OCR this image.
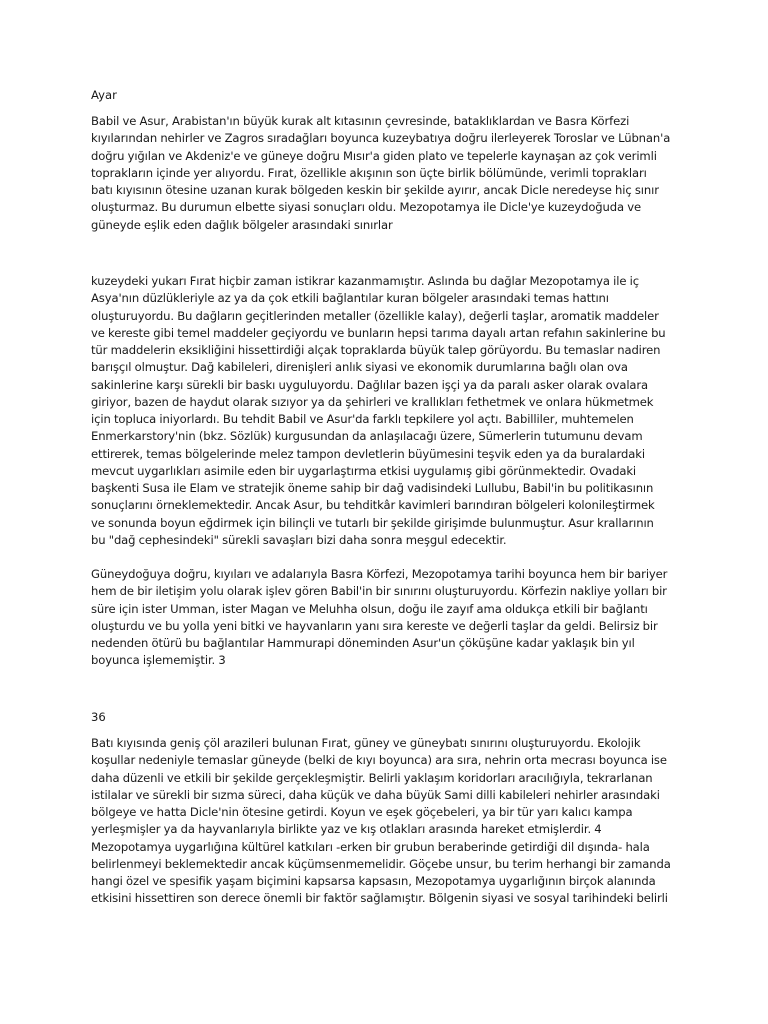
Ayar
Babil ve Asur, Arabistan'ın büyük kurak alt kıtasının çevresinde, bataklıklardan ve Basra Körfezi
kıyılarından nehirler ve Zagros sıradağları boyunca kuzeybatıya doğru ilerleyerek Toroslar ve Lübnan'a
doğru yığılan ve Akdeniz'e ve güneye doğru Mısır'a giden plato ve tepelerle kaynaşan az çok verimli
toprakların içinde yer alıyordu. Fırat, özellikle akışının son üçte birlik bölümünde, verimli toprakları
batı kıyısının ötesine uzanan kurak bölgeden keskin bir şekilde ayırır, ancak Dicle neredeyse hiç sınır
oluşturmaz. Bu durumun elbette siyasi sonuçları oldu. Mezopotamya ile Dicle'ye kuzeydoğuda ve
güneyde eşlik eden dağlık bölgeler arasındaki sınırlar
kuzeydeki yukarı Fırat hiçbir zaman istikrar kazanmamıştır. Aslında bu dağlar Mezopotamya ile iç
Asya'nın düzlükleriyle az ya da çok etkili bağlantılar kuran bölgeler arasındaki temas hattını
oluşturuyordu. Bu dağların geçitlerinden metaller (özellikle kalay), değerli taşlar, aromatik maddeler
ve kereste gibi temel maddeler geçiyordu ve bunların hepsi tarıma dayalı artan refahın sakinlerine bu
tür maddelerin eksikliğini hissettirdiği alçak topraklarda büyük talep görüyordu. Bu temaslar nadiren
barışçıl olmuştur. Dağ kabileleri, direnişleri anlık siyasi ve ekonomik durumlarına bağlı olan ova
sakinlerine karşı sürekli bir baskı uyguluyordu. Dağlılar bazen işçi ya da paralı asker olarak ovalara
giriyor, bazen de haydut olarak sızıyor ya da şehirleri ve krallıkları fethetmek ve onlara hükmetmek
için topluca iniyorlardı. Bu tehdit Babil ve Asur'da farklı tepkilere yol açtı. Babilliler, muhtemelen
Enmerkarstory'nin (bkz. Sözlük) kurgusundan da anlaşılacağı üzere, Sümerlerin tutumunu devam
ettirerek, temas bölgelerinde melez tampon devletlerin büyümesini teşvik eden ya da buralardaki
mevcut uygarlıkları asimile eden bir uygarlaştırma etkisi uygulamış gibi görünmektedir. Ovadaki
başkenti Susa ile Elam ve stratejik öneme sahip bir dağ vadisindeki Lullubu, Babil'in bu politikasının
sonuçlarını örneklemektedir. Ancak Asur, bu tehditkâr kavimleri barındıran bölgeleri kolonileştirmek
ve sonunda boyun eğdirmek için bilinçli ve tutarlı bir şekilde girişimde bulunmuştur. Asur krallarının
bu "dağ cephesindeki" sürekli savaşları bizi daha sonra meşgul edecektir.
Güneydoğuya doğru, kıyıları ve adalarıyla Basra Körfezi, Mezopotamya tarihi boyunca hem bir bariyer
hem de bir iletişim yolu olarak işlev gören Babil'in bir sınırını oluşturuyordu. Körfezin nakliye yolları bir
süre için ister Umman, ister Magan ve Meluhha olsun, doğu ile zayıf ama oldukça etkili bir bağlantı
oluşturdu ve bu yolla yeni bitki ve hayvanların yanı sıra kereste ve değerli taşlar da geldi. Belirsiz bir
nedenden ötürü bu bağlantılar Hammurapi döneminden Asur'un çöküşüne kadar yaklaşık bin yıl
boyunca işlememiştir. 3
36
Batı kıyısında geniş çöl arazileri bulunan Fırat, güney ve güneybatı sınırını oluşturuyordu. Ekolojik
koşullar nedeniyle temaslar güneyde (belki de kıyı boyunca) ara sıra, nehrin orta mecrası boyunca ise
daha düzenli ve etkili bir şekilde gerçekleşmiştir. Belirli yaklaşım koridorları aracılığıyla, tekrarlanan
istilalar ve sürekli bir sızma süreci, daha küçük ve daha büyük Sami dilli kabileleri nehirler arasındaki
bölgeye ve hatta Dicle'nin ötesine getirdi. Koyun ve eşek göçebeleri, ya bir tür yarı kalıcı kampa
yerleşmişler ya da hayvanlarıyla birlikte yaz ve kış otlakları arasında hareket etmişlerdir. 4
Mezopotamya uygarlığına kültürel katkıları -erken bir grubun beraberinde getirdiği dil dışında- hala
belirlenmeyi beklemektedir ancak küçümsenmemelidir. Göçebe unsur, bu terim herhangi bir zamanda
hangi özel ve spesifik yaşam biçimini kapsarsa kapsasın, Mezopotamya uygarlığının birçok alanında
etkisini hissettiren son derece önemli bir faktör sağlamıştır. Bölgenin siyasi ve sosyal tarihindeki belirli
